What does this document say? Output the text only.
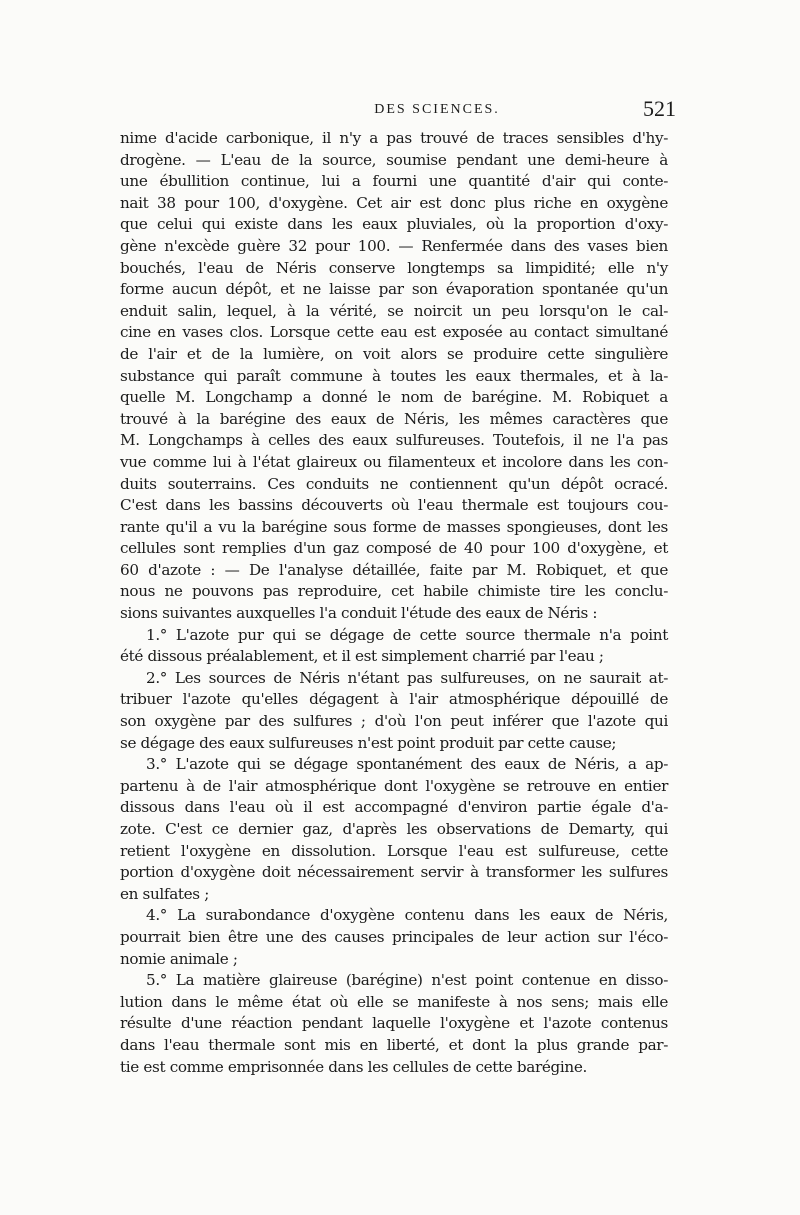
DES SCIENCES.	521
nime d'acide carbonique, il n'y a pas trouvé de traces sensibles d'hy-
drogène. — L'eau de la source, soumise pendant une demi-heure à
une ébullition continue, lui a fourni une quantité d'air qui conte-
nait 38 pour 100, d'oxygène. Cet air est donc plus riche en oxygène
que celui qui existe dans les eaux pluviales, où la proportion d'oxy-
gène n'excède guère 32 pour 100. — Renfermée dans des vases bien
bouchés, l'eau de Néris conserve longtemps sa limpidité; elle n'y
forme aucun dépôt, et ne laisse par son évaporation spontanée qu'un
enduit salin, lequel, à la vérité, se noircit un peu lorsqu'on le cal-
cine en vases clos. Lorsque cette eau est exposée au contact simultané
de l'air et de la lumière, on voit alors se produire cette singulière
substance qui paraît commune à toutes les eaux thermales, et à la-
quelle M. Longchamp a donné le nom de barégine. M. Robiquet a
trouvé à la barégine des eaux de Néris, les mêmes caractères que
M. Longchamps à celles des eaux sulfureuses. Toutefois, il ne l'a pas
vue comme lui à l'état glaireux ou filamenteux et incolore dans les con-
duits souterrains. Ces conduits ne contiennent qu'un dépôt ocracé.
C'est dans les bassins découverts où l'eau thermale est toujours cou-
rante qu'il a vu la barégine sous forme de masses spongieuses, dont les
cellules sont remplies d'un gaz composé de 40 pour 100 d'oxygène, et
60 d'azote : — De l'analyse détaillée, faite par M. Robiquet, et que
nous ne pouvons pas reproduire, cet habile chimiste tire les conclu-
sions suivantes auxquelles l'a conduit l'étude des eaux de Néris :
1.° L'azote pur qui se dégage de cette source thermale n'a point
été dissous préalablement, et il est simplement charrié par l'eau ;
2.° Les sources de Néris n'étant pas sulfureuses, on ne saurait at-
tribuer l'azote qu'elles dégagent à l'air atmosphérique dépouillé de
son oxygène par des sulfures ; d'où l'on peut inférer que l'azote qui
se dégage des eaux sulfureuses n'est point produit par cette cause;
3.° L'azote qui se dégage spontanément des eaux de Néris, a ap-
partenu à de l'air atmosphérique dont l'oxygène se retrouve en entier
dissous dans l'eau où il est accompagné d'environ partie égale d'a-
zote. C'est ce dernier gaz, d'après les observations de Demarty, qui
retient l'oxygène en dissolution. Lorsque l'eau est sulfureuse, cette
portion d'oxygène doit nécessairement servir à transformer les sulfures
en sulfates ;
4.° La surabondance d'oxygène contenu dans les eaux de Néris,
pourrait bien être une des causes principales de leur action sur l'éco-
nomie animale ;
5.° La matière glaireuse (barégine) n'est point contenue en disso-
lution dans le même état où elle se manifeste à nos sens; mais elle
résulte d'une réaction pendant laquelle l'oxygène et l'azote contenus
dans l'eau thermale sont mis en liberté, et dont la plus grande par-
tie est comme emprisonnée dans les cellules de cette barégine.
